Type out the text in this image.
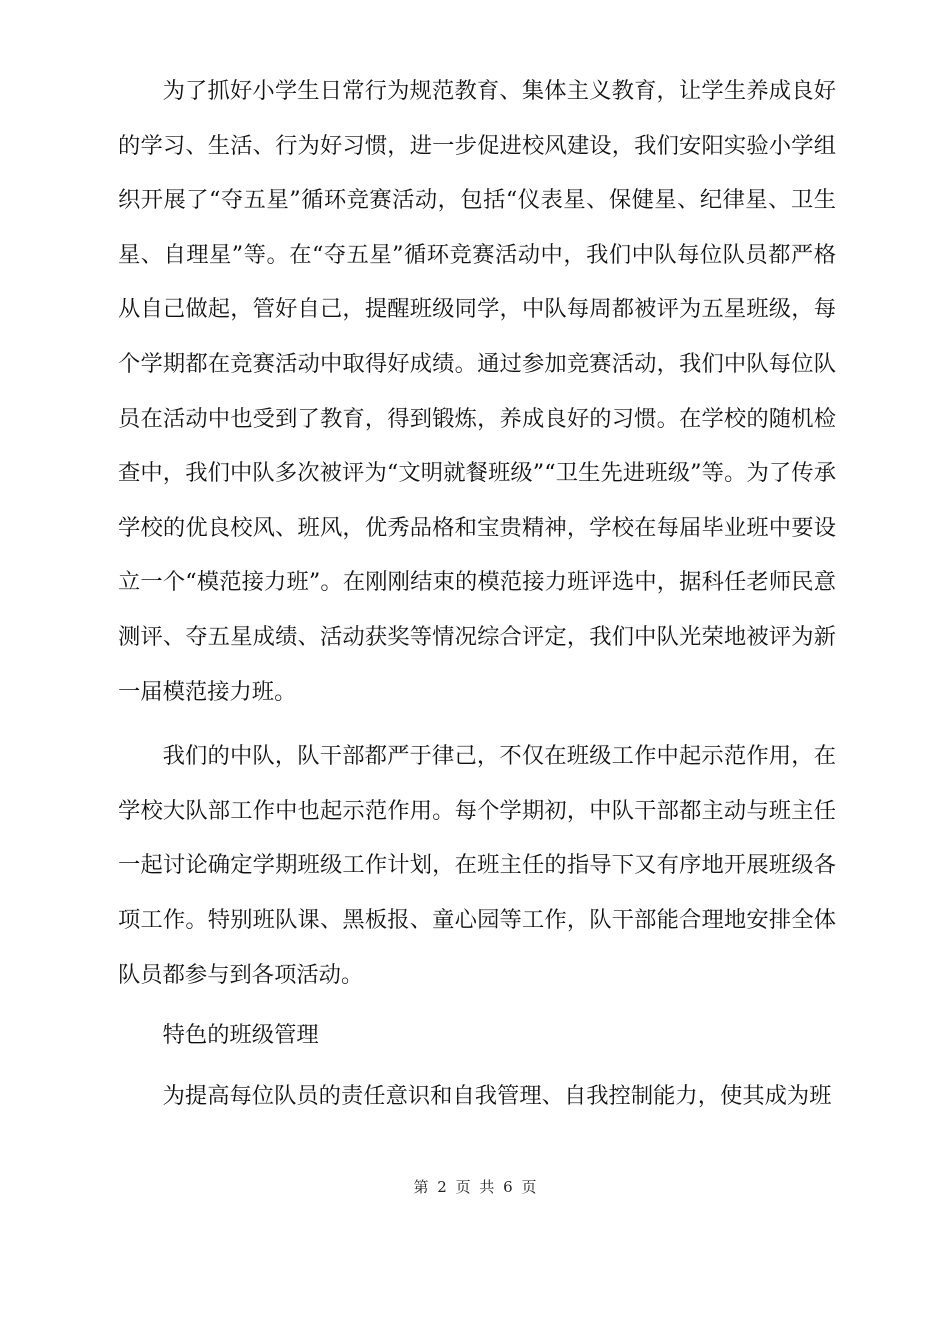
为了抓好小学生日常行为规范教育、集体主义教育，让学生养成良好的学习、生活、行为好习惯，进一步促进校风建设，我们安阳实验小学组织开展了“夺五星”循环竞赛活动，包括“仪表星、保健星、纪律星、卫生星、自理星”等。在“夺五星”循环竞赛活动中，我们中队每位队员都严格从自己做起，管好自己，提醒班级同学，中队每周都被评为五星班级，每个学期都在竞赛活动中取得好成绩。通过参加竞赛活动，我们中队每位队员在活动中也受到了教育，得到锻炼，养成良好的习惯。在学校的随机检查中，我们中队多次被评为“文明就餐班级”“卫生先进班级”等。为了传承学校的优良校风、班风，优秀品格和宝贵精神，学校在每届毕业班中要设立一个“模范接力班”。在刚刚结束的模范接力班评选中，据科任老师民意测评、夺五星成绩、活动获奖等情况综合评定，我们中队光荣地被评为新一届模范接力班。

我们的中队，队干部都严于律己，不仅在班级工作中起示范作用，在学校大队部工作中也起示范作用。每个学期初，中队干部都主动与班主任一起讨论确定学期班级工作计划，在班主任的指导下又有序地开展班级各项工作。特别班队课、黑板报、童心园等工作，队干部能合理地安排全体队员都参与到各项活动。

特色的班级管理

为提高每位队员的责任意识和自我管理、自我控制能力，使其成为班

第 2 页 共 6 页
